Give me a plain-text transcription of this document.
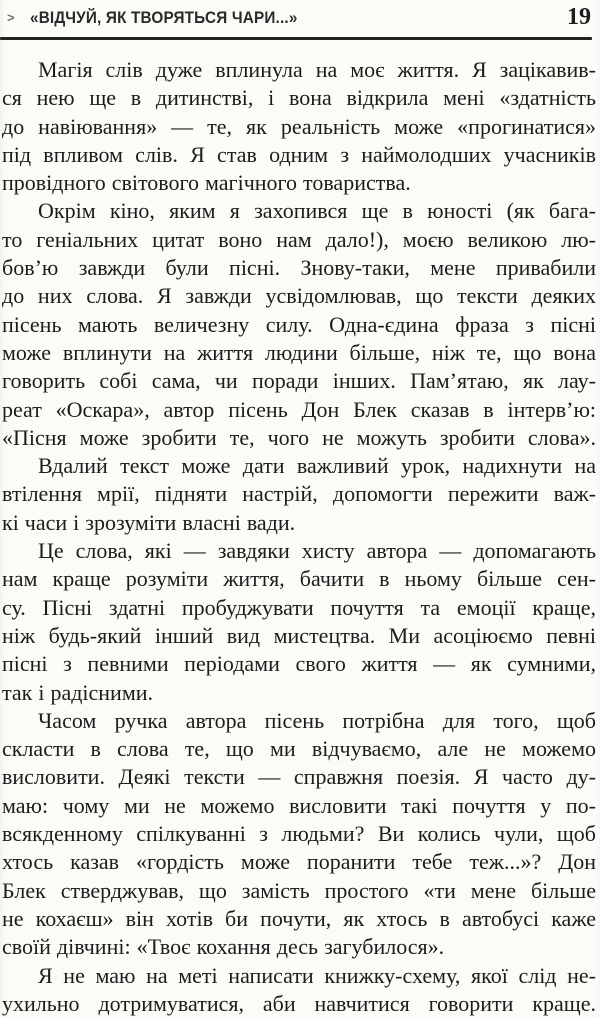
> «ВІДЧУЙ, ЯК ТВОРЯТЬСЯ ЧАРИ...»	19
Магія слів дуже вплинула на моє життя. Я зацікавив-
ся нею ще в дитинстві, і вона відкрила мені «здатність
до навіювання» — те, як реальність може «прогинатися»
під впливом слів. Я став одним з наймолодших учасників
провідного світового магічного товариства.
Окрім кіно, яким я захопився ще в юності (як бага-
то геніальних цитат воно нам дало!), моєю великою лю-
бов’ю завжди були пісні. Знову-таки, мене привабили
до них слова. Я завжди усвідомлював, що тексти деяких
пісень мають величезну силу. Одна-єдина фраза з пісні
може вплинути на життя людини більше, ніж те, що вона
говорить собі сама, чи поради інших. Пам’ятаю, як лау-
реат «Оскара», автор пісень Дон Блек сказав в інтерв’ю:
«Пісня може зробити те, чого не можуть зробити слова».
Вдалий текст може дати важливий урок, надихнути на
втілення мрії, підняти настрій, допомогти пережити важ-
кі часи і зрозуміти власні вади.
Це слова, які — завдяки хисту автора — допомагають
нам краще розуміти життя, бачити в ньому більше сен-
су. Пісні здатні пробуджувати почуття та емоції краще,
ніж будь-який інший вид мистецтва. Ми асоціюємо певні
пісні з певними періодами свого життя — як сумними,
так і радісними.
Часом ручка автора пісень потрібна для того, щоб
скласти в слова те, що ми відчуваємо, але не можемо
висловити. Деякі тексти — справжня поезія. Я часто ду-
маю: чому ми не можемо висловити такі почуття у по-
всякденному спілкуванні з людьми? Ви колись чули, щоб
хтось казав «гордість може поранити тебе теж...»? Дон
Блек стверджував, що замість простого «ти мене більше
не кохаєш» він хотів би почути, як хтось в автобусі каже
своїй дівчині: «Твоє кохання десь загубилося».
Я не маю на меті написати книжку-схему, якої слід не-
ухильно дотримуватися, аби навчитися говорити краще.
